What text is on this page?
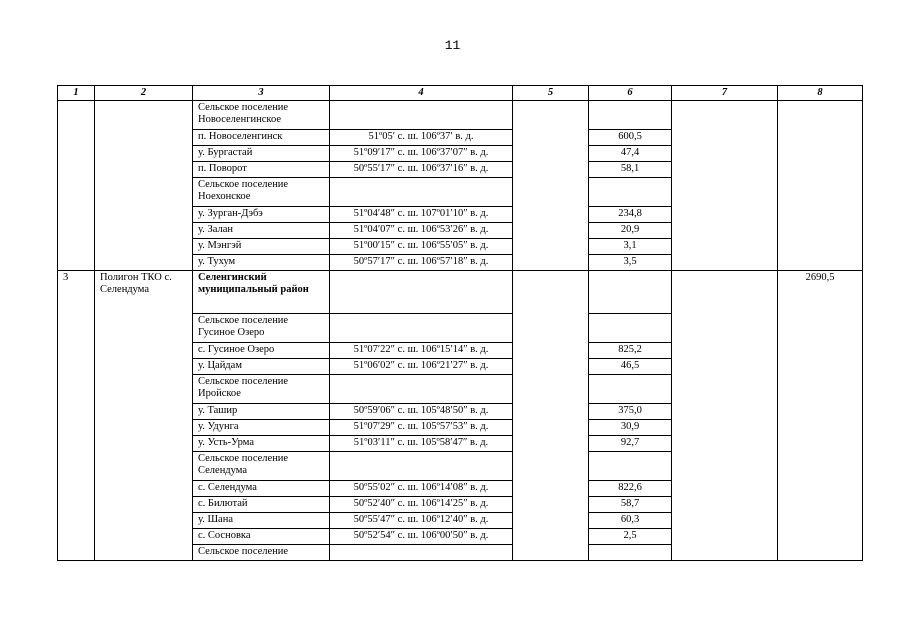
11
1	2	3	4	5	6	7	8
		Сельское поселение Новоселенгинское					
		п. Новоселенгинск	51º05′ с. ш. 106º37′ в. д.		600,5		
		у. Бургастай	51º09′17″ с. ш. 106º37′07″ в. д.		47,4		
		п. Поворот	50º55′17″ с. ш. 106º37′16″ в. д.		58,1		
		Сельское поселение Ноехонское					
		у. Зурган-Дэбэ	51º04′48″ с. ш. 107º01′10″ в. д.		234,8		
		у. Залан	51º04′07″ с. ш. 106º53′26″ в. д.		20,9		
		у. Мэнгэй	51º00′15″ с. ш. 106º55′05″ в. д.		3,1		
		у. Тухум	50º57′17″ с. ш. 106º57′18″ в. д.		3,5		
3	Полигон ТКО с. Селендума	Селенгинский муниципальный район					2690,5
		Сельское поселение Гусиное Озеро					
		с. Гусиное Озеро	51º07′22″ с. ш. 106º15′14″ в. д.		825,2		
		у. Цайдам	51º06′02″ с. ш. 106º21′27″ в. д.		46,5		
		Сельское поселение Иройское					
		у. Ташир	50º59′06″ с. ш. 105º48′50″ в. д.		375,0		
		у. Удунга	51º07′29″ с. ш. 105º57′53″ в. д.		30,9		
		у. Усть-Урма	51º03′11″ с. ш. 105º58′47″ в. д.		92,7		
		Сельское поселение Селендума					
		с. Селендума	50º55′02″ с. ш. 106º14′08″ в. д.		822,6		
		с. Билютай	50º52′40″ с. ш. 106º14′25″ в. д.		58,7		
		у. Шана	50º55′47″ с. ш. 106º12′40″ в. д.		60,3		
		с. Сосновка	50º52′54″ с. ш. 106º00′50″ в. д.		2,5		
		Сельское поселение					
